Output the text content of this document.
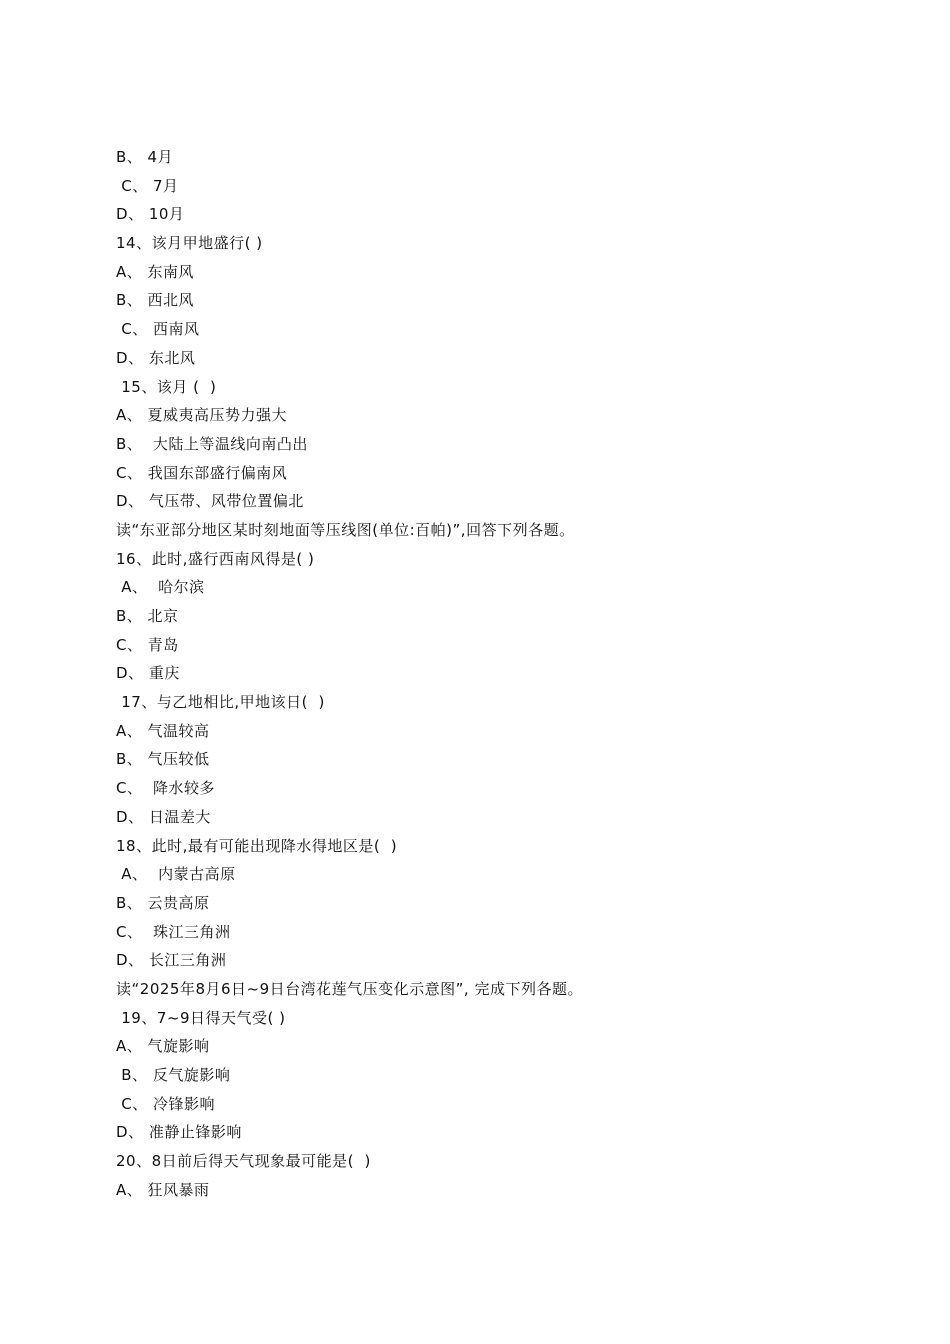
B、 4月
C、 7月
D、 10月
14、该月甲地盛行( )
A、 东南风
B、 西北风
C、 西南风
D、 东北风
15、该月 (  )
A、 夏威夷高压势力强大
B、  大陆上等温线向南凸出
C、 我国东部盛行偏南风
D、 气压带、风带位置偏北
读“东亚部分地区某时刻地面等压线图(单位:百帕)”,回答下列各题。
16、此时,盛行西南风得是( )
A、  哈尔滨
B、 北京
C、 青岛
D、 重庆
17、与乙地相比,甲地该日(  )
A、 气温较高
B、 气压较低
C、  降水较多
D、 日温差大
18、此时,最有可能出现降水得地区是(  )
A、  内蒙古高原
B、 云贵高原
C、  珠江三角洲
D、 长江三角洲
读“2025年8月6日~9日台湾花莲气压变化示意图”, 完成下列各题。
19、7~9日得天气受( )
A、 气旋影响
B、 反气旋影响
C、 冷锋影响
D、 准静止锋影响
20、8日前后得天气现象最可能是(  )
A、 狂风暴雨
